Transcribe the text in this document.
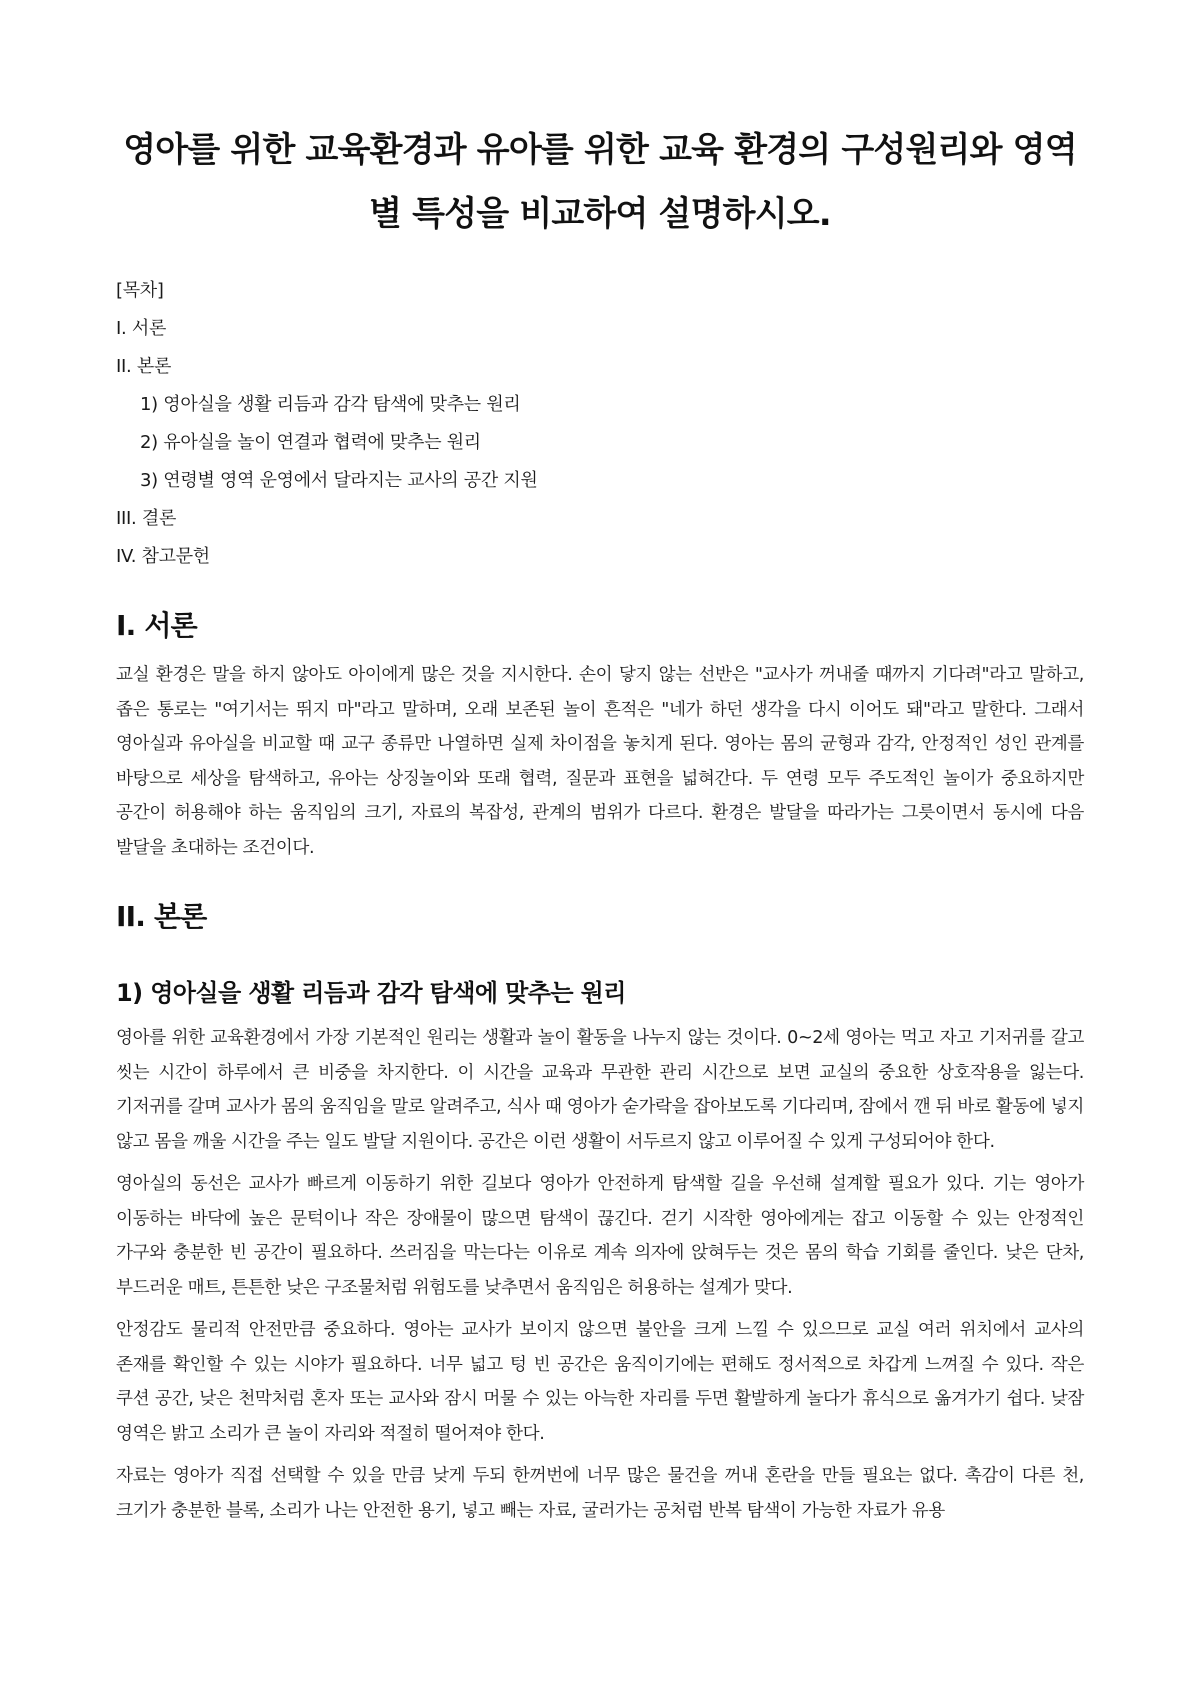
영아를 위한 교육환경과 유아를 위한 교육 환경의 구성원리와 영역별 특성을 비교하여 설명하시오.

[목차]

I. 서론

II. 본론

1) 영아실을 생활 리듬과 감각 탐색에 맞추는 원리

2) 유아실을 놀이 연결과 협력에 맞추는 원리

3) 연령별 영역 운영에서 달라지는 교사의 공간 지원

III. 결론

IV. 참고문헌

I. 서론

교실 환경은 말을 하지 않아도 아이에게 많은 것을 지시한다. 손이 닿지 않는 선반은 "교사가 꺼내줄 때까지 기다려"라고 말하고, 좁은 통로는 "여기서는 뛰지 마"라고 말하며, 오래 보존된 놀이 흔적은 "네가 하던 생각을 다시 이어도 돼"라고 말한다. 그래서 영아실과 유아실을 비교할 때 교구 종류만 나열하면 실제 차이점을 놓치게 된다. 영아는 몸의 균형과 감각, 안정적인 성인 관계를 바탕으로 세상을 탐색하고, 유아는 상징놀이와 또래 협력, 질문과 표현을 넓혀간다. 두 연령 모두 주도적인 놀이가 중요하지만 공간이 허용해야 하는 움직임의 크기, 자료의 복잡성, 관계의 범위가 다르다. 환경은 발달을 따라가는 그릇이면서 동시에 다음 발달을 초대하는 조건이다.

II. 본론
1) 영아실을 생활 리듬과 감각 탐색에 맞추는 원리

영아를 위한 교육환경에서 가장 기본적인 원리는 생활과 놀이 활동을 나누지 않는 것이다. 0~2세 영아는 먹고 자고 기저귀를 갈고 씻는 시간이 하루에서 큰 비중을 차지한다. 이 시간을 교육과 무관한 관리 시간으로 보면 교실의 중요한 상호작용을 잃는다. 기저귀를 갈며 교사가 몸의 움직임을 말로 알려주고, 식사 때 영아가 숟가락을 잡아보도록 기다리며, 잠에서 깬 뒤 바로 활동에 넣지 않고 몸을 깨울 시간을 주는 일도 발달 지원이다. 공간은 이런 생활이 서두르지 않고 이루어질 수 있게 구성되어야 한다.

영아실의 동선은 교사가 빠르게 이동하기 위한 길보다 영아가 안전하게 탐색할 길을 우선해 설계할 필요가 있다. 기는 영아가 이동하는 바닥에 높은 문턱이나 작은 장애물이 많으면 탐색이 끊긴다. 걷기 시작한 영아에게는 잡고 이동할 수 있는 안정적인 가구와 충분한 빈 공간이 필요하다. 쓰러짐을 막는다는 이유로 계속 의자에 앉혀두는 것은 몸의 학습 기회를 줄인다. 낮은 단차, 부드러운 매트, 튼튼한 낮은 구조물처럼 위험도를 낮추면서 움직임은 허용하는 설계가 맞다.

안정감도 물리적 안전만큼 중요하다. 영아는 교사가 보이지 않으면 불안을 크게 느낄 수 있으므로 교실 여러 위치에서 교사의 존재를 확인할 수 있는 시야가 필요하다. 너무 넓고 텅 빈 공간은 움직이기에는 편해도 정서적으로 차갑게 느껴질 수 있다. 작은 쿠션 공간, 낮은 천막처럼 혼자 또는 교사와 잠시 머물 수 있는 아늑한 자리를 두면 활발하게 놀다가 휴식으로 옮겨가기 쉽다. 낮잠 영역은 밝고 소리가 큰 놀이 자리와 적절히 떨어져야 한다.

자료는 영아가 직접 선택할 수 있을 만큼 낮게 두되 한꺼번에 너무 많은 물건을 꺼내 혼란을 만들 필요는 없다. 촉감이 다른 천, 크기가 충분한 블록, 소리가 나는 안전한 용기, 넣고 빼는 자료, 굴러가는 공처럼 반복 탐색이 가능한 자료가 유용
